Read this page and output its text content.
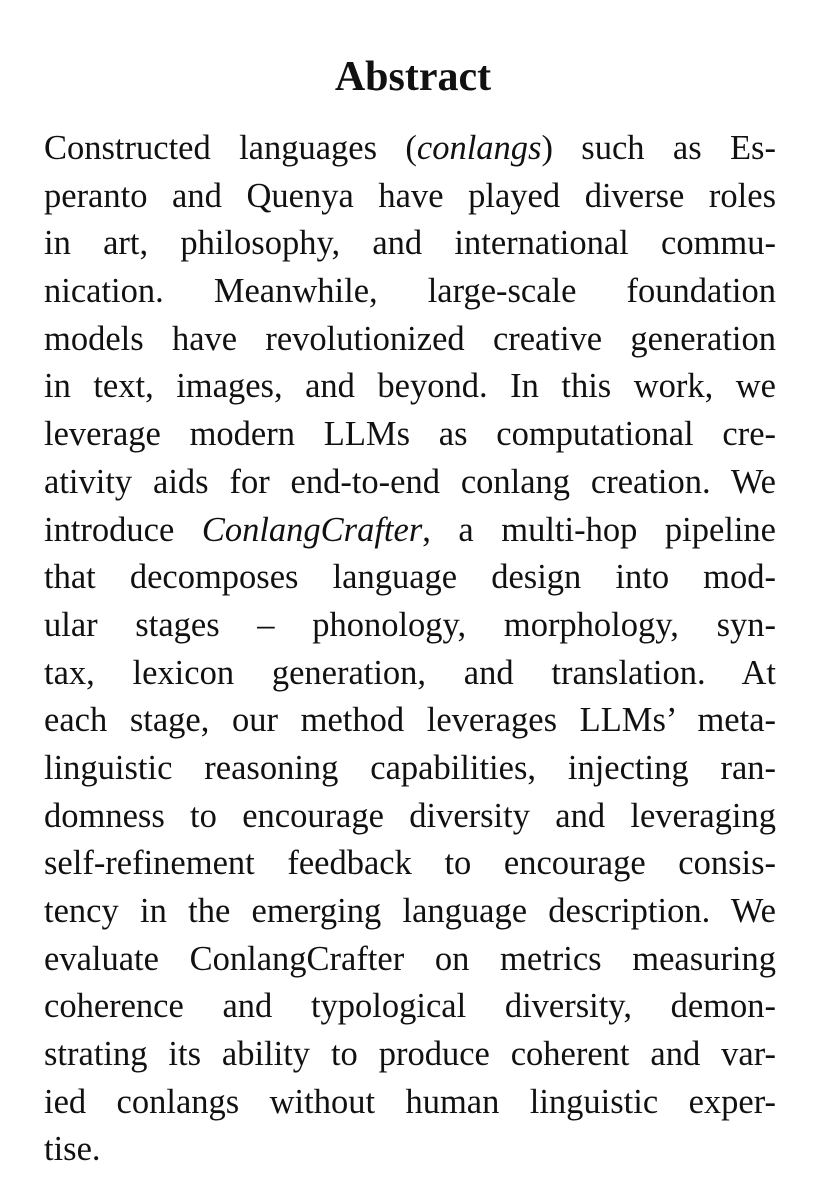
Abstract
Constructed languages (conlangs) such as Es-
peranto and Quenya have played diverse roles
in art, philosophy, and international commu-
nication. Meanwhile, large-scale foundation
models have revolutionized creative generation
in text, images, and beyond. In this work, we
leverage modern LLMs as computational cre-
ativity aids for end-to-end conlang creation. We
introduce ConlangCrafter, a multi-hop pipeline
that decomposes language design into mod-
ular stages – phonology, morphology, syn-
tax, lexicon generation, and translation. At
each stage, our method leverages LLMs’ meta-
linguistic reasoning capabilities, injecting ran-
domness to encourage diversity and leveraging
self-refinement feedback to encourage consis-
tency in the emerging language description. We
evaluate ConlangCrafter on metrics measuring
coherence and typological diversity, demon-
strating its ability to produce coherent and var-
ied conlangs without human linguistic exper-
tise.
